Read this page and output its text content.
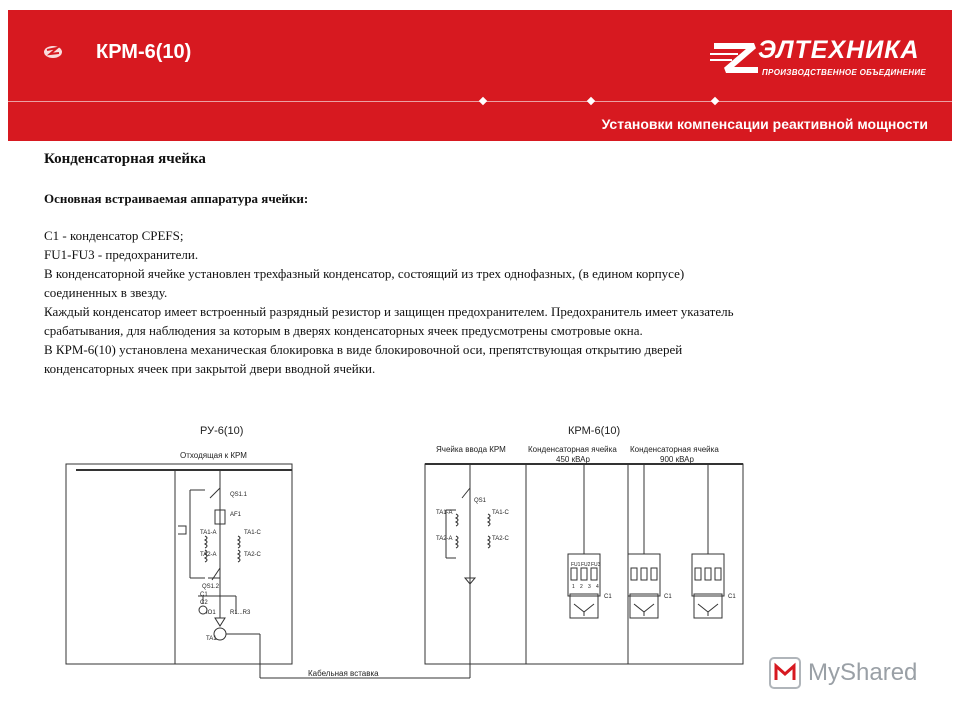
КРМ-6(10)	ЭЛТЕХНИКА
ПРОИЗВОДСТВЕННОЕ ОБЪЕДИНЕНИЕ
Установки компенсации реактивной мощности
Конденсаторная ячейка
Основная встраиваемая аппаратура ячейки:
С1 - конденсатор CPEFS;
FU1-FU3 - предохранители.
В конденсаторной ячейке установлен трехфазный конденсатор, состоящий из трех однофазных, (в едином корпусе)
соединенных в звезду.
Каждый конденсатор имеет встроенный разрядный резистор и защищен предохранителем. Предохранитель имеет указатель
срабатывания, для наблюдения за которым в дверях конденсаторных ячеек предусмотрены смотровые окна.
В КРМ-6(10) установлена механическая блокировка в виде блокировочной оси, препятствующая открытию дверей
конденсаторных ячеек при закрытой двери вводной ячейки.
РУ-6(10)
Отходящая к КРМ
КРМ-6(10)
Ячейка ввода КРМ	Конденсаторная ячейка
450 кВАр
Конденсаторная ячейка
900 кВАр
Кабельная вставка
QS1.1
AF1
TA1-A	TA1-C
TA2-A	TA2-C
QS1.2
C1
C2
IO1 R1...R3
TA1
QS1
TA1-A	TA1-C
TA2-A	TA2-C
FU1 FU2 FU3
1 2 3 4
C1	C1	C1
MyShared
